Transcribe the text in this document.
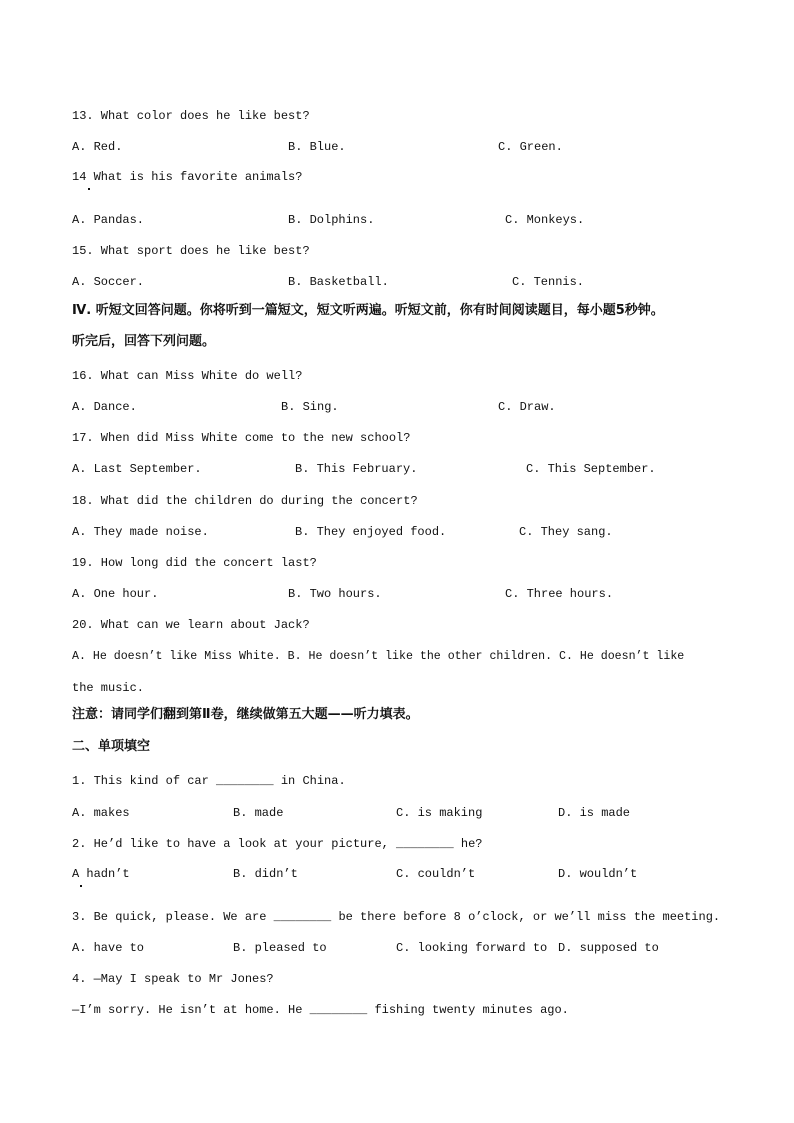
13. What color does he like best?
A. Red.	B. Blue.	C. Green.
14 What is his favorite animals?
A. Pandas.	B. Dolphins.	C. Monkeys.
15. What sport does he like best?
A. Soccer.	B. Basketball.	C. Tennis.
Ⅳ. 听短文回答问题。你将听到一篇短文，短文听两遍。听短文前，你有时间阅读题目，每小题5秒钟。
听完后，回答下列问题。
16. What can Miss White do well?
A. Dance.	B. Sing.	C. Draw.
17. When did Miss White come to the new school?
A. Last September.	B. This February.	C. This September.
18. What did the children do during the concert?
A. They made noise.	B. They enjoyed food.	C. They sang.
19. How long did the concert last?
A. One hour.	B. Two hours.	C. Three hours.
20. What can we learn about Jack?
A. He doesn’t like Miss White. B. He doesn’t like the other children. C. He doesn’t like
the music.
注意：请同学们翻到第Ⅱ卷，继续做第五大题——听力填表。
二、单项填空
1. This kind of car ________ in China.
A. makes	B. made	C. is making	D. is made
2. He’d like to have a look at your picture, ________ he?
A hadn’t	B. didn’t	C. couldn’t	D. wouldn’t
3. Be quick, please. We are ________ be there before 8 o’clock, or we’ll miss the meeting.
A. have to	B. pleased to	C. looking forward to D. supposed to
4. —May I speak to Mr Jones?
—I’m sorry. He isn’t at home. He ________ fishing twenty minutes ago.
